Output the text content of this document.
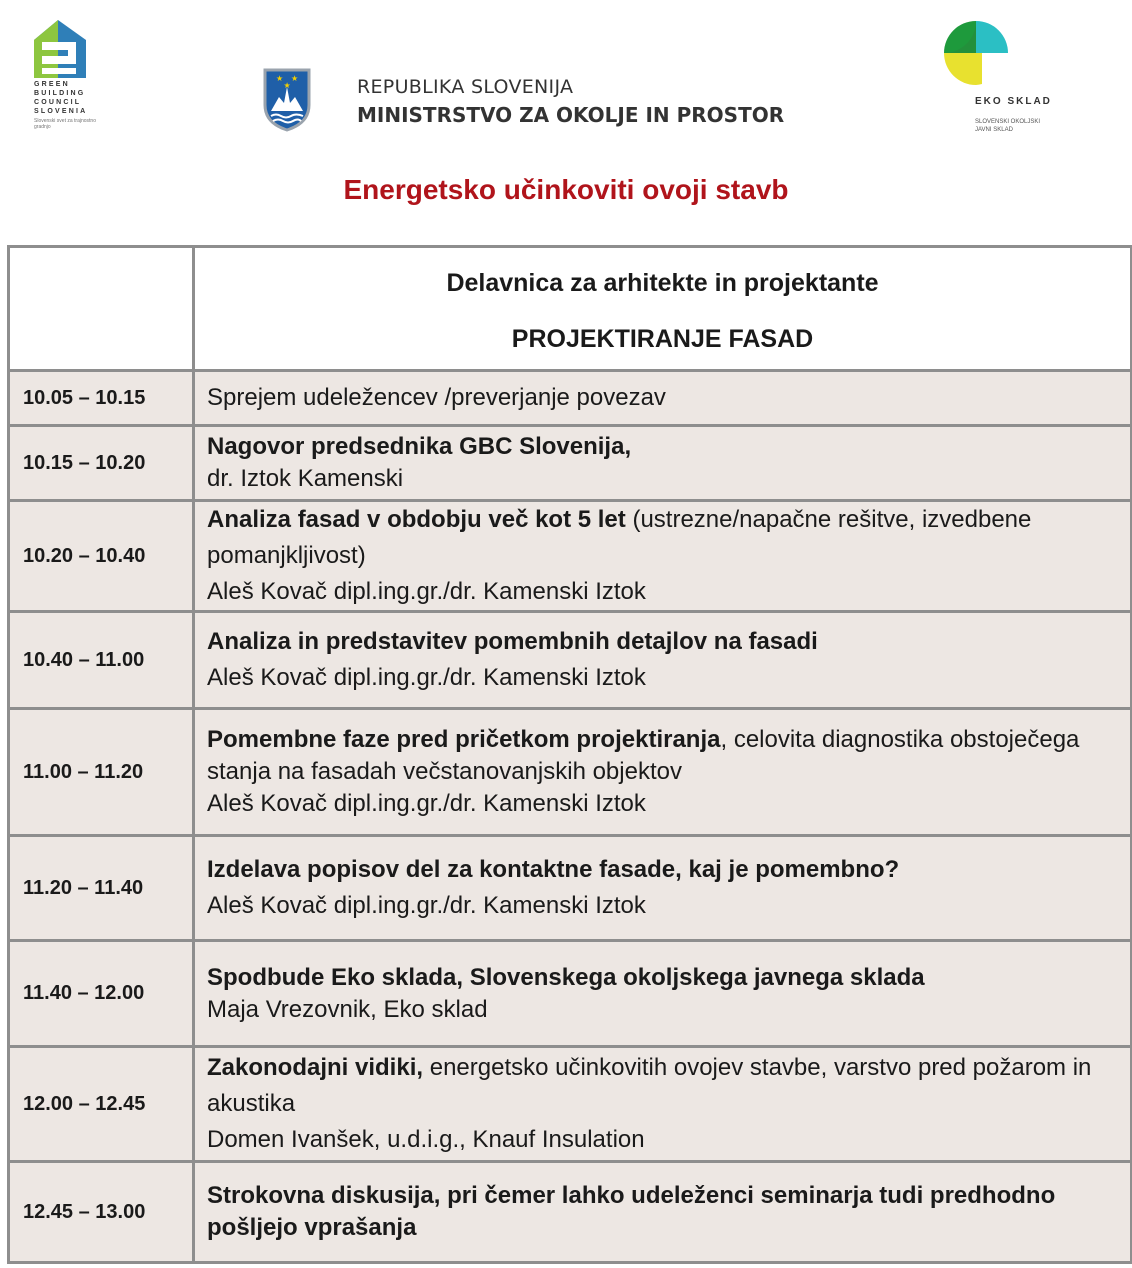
GREEN
BUILDING
COUNCIL
SLOVENIA
Slovenski svet za trajnostno gradnjo
★ ★
★	REPUBLIKA SLOVENIJA
MINISTRSTVO ZA OKOLJE IN PROSTOR
EKO SKLAD
SLOVENSKI OKOLJSKI
JAVNI SKLAD
Energetsko učinkoviti ovoji stavb
Delavnica za arhitekte in projektante
PROJEKTIRANJE FASAD
10.05 – 10.15	Sprejem udeležencev /preverjanje povezav
10.15 – 10.20
Nagovor predsednika GBC Slovenija,
dr. Iztok Kamenski
10.20 – 10.40
Analiza fasad v obdobju več kot 5 let (ustrezne/napačne rešitve, izvedbene pomanjkljivost)
Aleš Kovač dipl.ing.gr./dr. Kamenski Iztok
10.40 – 11.00
Analiza in predstavitev pomembnih detajlov na fasadi
Aleš Kovač dipl.ing.gr./dr. Kamenski Iztok
11.00 – 11.20
Pomembne faze pred pričetkom projektiranja, celovita diagnostika obstoječega stanja na fasadah večstanovanjskih objektov
Aleš Kovač dipl.ing.gr./dr. Kamenski Iztok
11.20 – 11.40
Izdelava popisov del za kontaktne fasade, kaj je pomembno?
Aleš Kovač dipl.ing.gr./dr. Kamenski Iztok
11.40 – 12.00
Spodbude Eko sklada, Slovenskega okoljskega javnega sklada
Maja Vrezovnik, Eko sklad
12.00 – 12.45
Zakonodajni vidiki, energetsko učinkovitih ovojev stavbe, varstvo pred požarom in akustika
Domen Ivanšek, u.d.i.g., Knauf Insulation
12.45 – 13.00
Strokovna diskusija, pri čemer lahko udeleženci seminarja tudi predhodno pošljejo vprašanja
